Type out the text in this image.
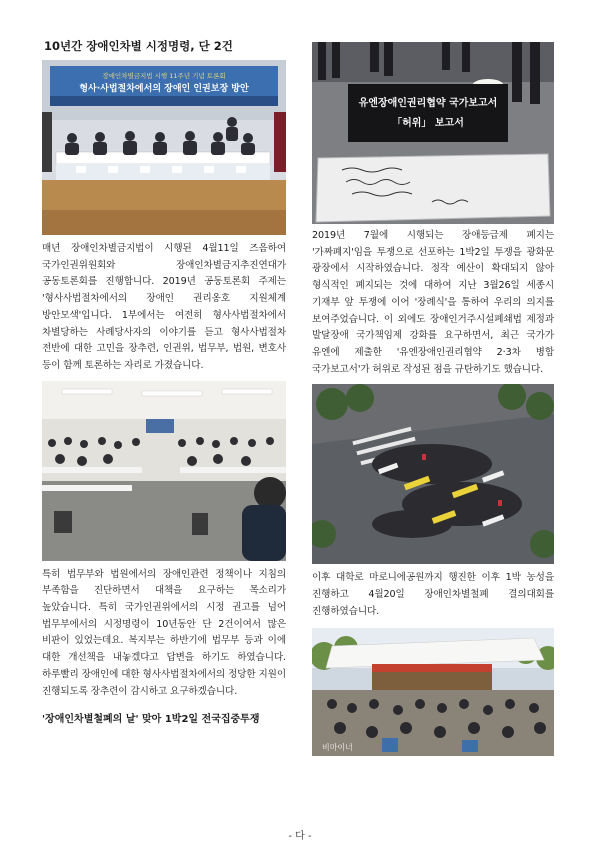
10년간 장애인차별 시정명령, 단 2건
장애인차별금지법 시행 11주년 기념 토론회
형사·사법절차에서의 장애인 인권보장 방안

매년 장애인차별금지법이 시행된 4월11일 즈음하여 국가인권위원회와 장애인차별금지추진연대가 공동토론회를 진행합니다. 2019년 공동토론회 주제는 '형사사법절차에서의 장애인 권리옹호 지원체계 방안모색'입니다. 1부에서는 여전히 형사사법절차에서 차별당하는 사례당사자의 이야기를 듣고 형사사법절차 전반에 대한 고민을 장추련, 인권위, 법무부, 법원, 변호사 등이 함께 토론하는 자리로 가졌습니다.

특히 법무부와 법원에서의 장애인관련 정책이나 지침의 부족함을 진단하면서 대책을 요구하는 목소리가 높았습니다. 특히 국가인권위에서의 시정 권고를 넘어 법무부에서의 시정명령이 10년동안 단 2건이여서 많은 비판이 있었는데요. 복지부는 하반기에 법무부 등과 이에 대한 개선책을 내놓겠다고 답변을 하기도 하였습니다. 하루빨리 장애인에 대한 형사사법절차에서의 정당한 지원이 진행되도록 장추련이 감시하고 요구하겠습니다.

'장애인차별철폐의 날' 맞아 1박2일 전국집중투쟁
유엔장애인권리협약 국가보고서
「허위」 보고서

2019년 7월에 시행되는 장애등급제 폐지는 '가짜폐지'임을 투쟁으로 선포하는 1박2일 투쟁을 광화문 광장에서 시작하였습니다. 정작 예산이 확대되지 않아 형식적인 폐지되는 것에 대하여 지난 3월26일 세종시 기재부 앞 투쟁에 이어 '장례식'을 통하여 우리의 의지를 보여주었습니다. 이 외에도 장애인거주시설폐쇄법 제정과 발달장애 국가책임제 강화를 요구하면서, 최근 국가가 유엔에 제출한 '유엔장애인권리협약 2·3차 병합 국가보고서'가 허위로 작성된 점을 규탄하기도 했습니다.

이후 대학로 마로니에공원까지 행진한 이후 1박 농성을 진행하고 4월20일 장애인차별철폐 결의대회를 진행하였습니다.

비마이너
- 다 -
